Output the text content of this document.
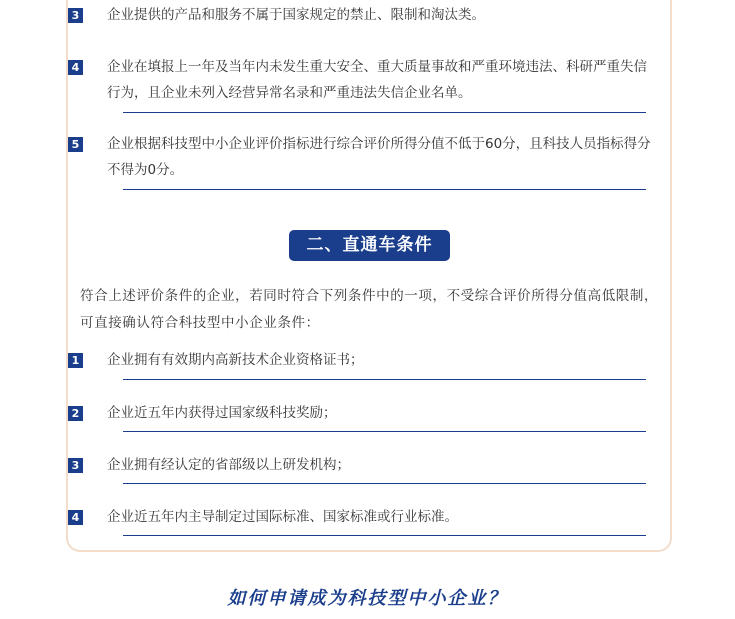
3 企业提供的产品和服务不属于国家规定的禁止、限制和淘汰类。
4 企业在填报上一年及当年内未发生重大安全、重大质量事故和严重环境违法、科研严重失信行为，且企业未列入经营异常名录和严重违法失信企业名单。
5 企业根据科技型中小企业评价指标进行综合评价所得分值不低于60分，且科技人员指标得分不得为0分。
二、直通车条件
符合上述评价条件的企业，若同时符合下列条件中的一项，不受综合评价所得分值高低限制，可直接确认符合科技型中小企业条件：
1 企业拥有有效期内高新技术企业资格证书；
2 企业近五年内获得过国家级科技奖励；
3 企业拥有经认定的省部级以上研发机构；
4 企业近五年内主导制定过国际标准、国家标准或行业标准。
如何申请成为科技型中小企业？
